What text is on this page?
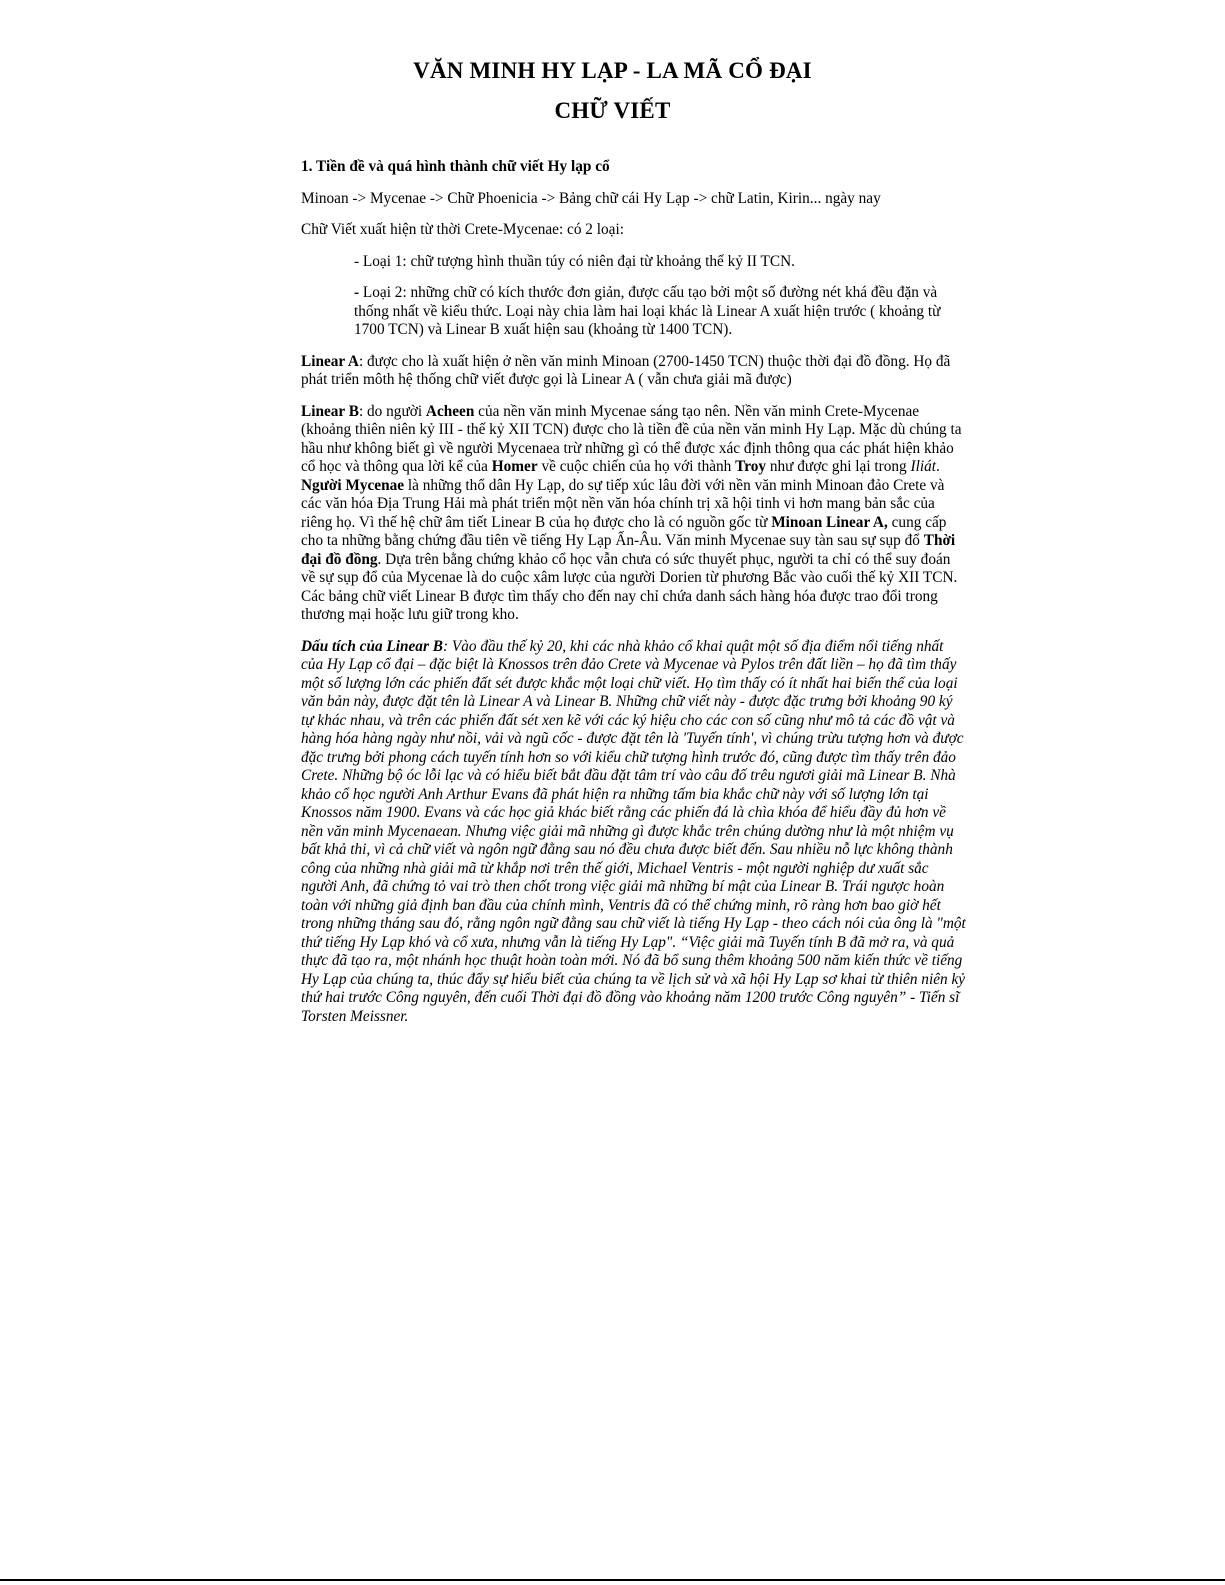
VĂN MINH HY LẠP - LA MÃ CỔ ĐẠI
CHỮ VIẾT
1. Tiền đề và quá hình thành chữ viết Hy lạp cổ

Minoan -> Mycenae -> Chữ Phoenicia -> Bảng chữ cái Hy Lạp -> chữ Latin, Kirin... ngày nay

Chữ Viết xuất hiện từ thời Crete-Mycenae: có 2 loại:

- Loại 1: chữ tượng hình thuần túy có niên đại từ khoảng thế kỷ II TCN.

- Loại 2: những chữ có kích thước đơn giản, được cấu tạo bởi một số đường nét khá đều đặn và thống nhất về kiểu thức. Loại này chia làm hai loại khác là Linear A xuất hiện trước ( khoảng từ 1700 TCN) và Linear B xuất hiện sau (khoảng từ 1400 TCN).

Linear A: được cho là xuất hiện ở nền văn minh Minoan (2700-1450 TCN) thuộc thời đại đồ đồng. Họ đã phát triển môth hệ thống chữ viết được gọi là Linear A ( vẫn chưa giải mã được)

Linear B: do người Acheen của nền văn minh Mycenae sáng tạo nên. Nền văn minh Crete-Mycenae (khoảng thiên niên kỷ III - thế kỷ XII TCN) được cho là tiền đề của nền văn minh Hy Lạp. Mặc dù chúng ta hầu như không biết gì về người Mycenaea trừ những gì có thể được xác định thông qua các phát hiện khảo cổ học và thông qua lời kể của Homer về cuộc chiến của họ với thành Troy như được ghi lại trong Iliát. Người Mycenae là những thổ dân Hy Lạp, do sự tiếp xúc lâu đời với nền văn minh Minoan đảo Crete và các văn hóa Địa Trung Hải mà phát triển một nền văn hóa chính trị xã hội tinh vi hơn mang bản sắc của riêng họ. Vì thế hệ chữ âm tiết Linear B của họ được cho là có nguồn gốc từ Minoan Linear A, cung cấp cho ta những bằng chứng đầu tiên về tiếng Hy Lạp Ấn-Âu. Văn minh Mycenae suy tàn sau sự sụp đổ Thời đại đồ đồng. Dựa trên bằng chứng khảo cổ học vẫn chưa có sức thuyết phục, người ta chỉ có thể suy đoán về sự sụp đổ của Mycenae là do cuộc xâm lược của người Dorien từ phương Bắc vào cuối thế kỷ XII TCN. Các bảng chữ viết Linear B được tìm thấy cho đến nay chỉ chứa danh sách hàng hóa được trao đổi trong thương mại hoặc lưu giữ trong kho.

Dấu tích của Linear B: Vào đầu thế kỷ 20, khi các nhà khảo cổ khai quật một số địa điểm nổi tiếng nhất của Hy Lạp cổ đại – đặc biệt là Knossos trên đảo Crete và Mycenae và Pylos trên đất liền – họ đã tìm thấy một số lượng lớn các phiến đất sét được khắc một loại chữ viết. Họ tìm thấy có ít nhất hai biến thể của loại văn bản này, được đặt tên là Linear A và Linear B. Những chữ viết này - được đặc trưng bởi khoảng 90 ký tự khác nhau, và trên các phiến đất sét xen kẽ với các ký hiệu cho các con số cũng như mô tả các đồ vật và hàng hóa hàng ngày như nồi, vải và ngũ cốc - được đặt tên là 'Tuyến tính', vì chúng trừu tượng hơn và được đặc trưng bởi phong cách tuyến tính hơn so với kiểu chữ tượng hình trước đó, cũng được tìm thấy trên đảo Crete. Những bộ óc lỗi lạc và có hiểu biết bắt đầu đặt tâm trí vào câu đố trêu ngươi giải mã Linear B. Nhà khảo cổ học người Anh Arthur Evans đã phát hiện ra những tấm bia khắc chữ này với số lượng lớn tại Knossos năm 1900. Evans và các học giả khác biết rằng các phiến đá là chìa khóa để hiểu đầy đủ hơn về nền văn minh Mycenaean. Nhưng việc giải mã những gì được khắc trên chúng dường như là một nhiệm vụ bất khả thi, vì cả chữ viết và ngôn ngữ đằng sau nó đều chưa được biết đến. Sau nhiều nỗ lực không thành công của những nhà giải mã từ khắp nơi trên thế giới, Michael Ventris - một người nghiệp dư xuất sắc người Anh, đã chứng tỏ vai trò then chốt trong việc giải mã những bí mật của Linear B. Trái ngược hoàn toàn với những giả định ban đầu của chính mình, Ventris đã có thể chứng minh, rõ ràng hơn bao giờ hết trong những tháng sau đó, rằng ngôn ngữ đằng sau chữ viết là tiếng Hy Lạp - theo cách nói của ông là "một thứ tiếng Hy Lạp khó và cổ xưa, nhưng vẫn là tiếng Hy Lạp". “Việc giải mã Tuyến tính B đã mở ra, và quả thực đã tạo ra, một nhánh học thuật hoàn toàn mới. Nó đã bổ sung thêm khoảng 500 năm kiến thức về tiếng Hy Lạp của chúng ta, thúc đẩy sự hiểu biết của chúng ta về lịch sử và xã hội Hy Lạp sơ khai từ thiên niên kỷ thứ hai trước Công nguyên, đến cuối Thời đại đồ đồng vào khoảng năm 1200 trước Công nguyên” - Tiến sĩ Torsten Meissner.
